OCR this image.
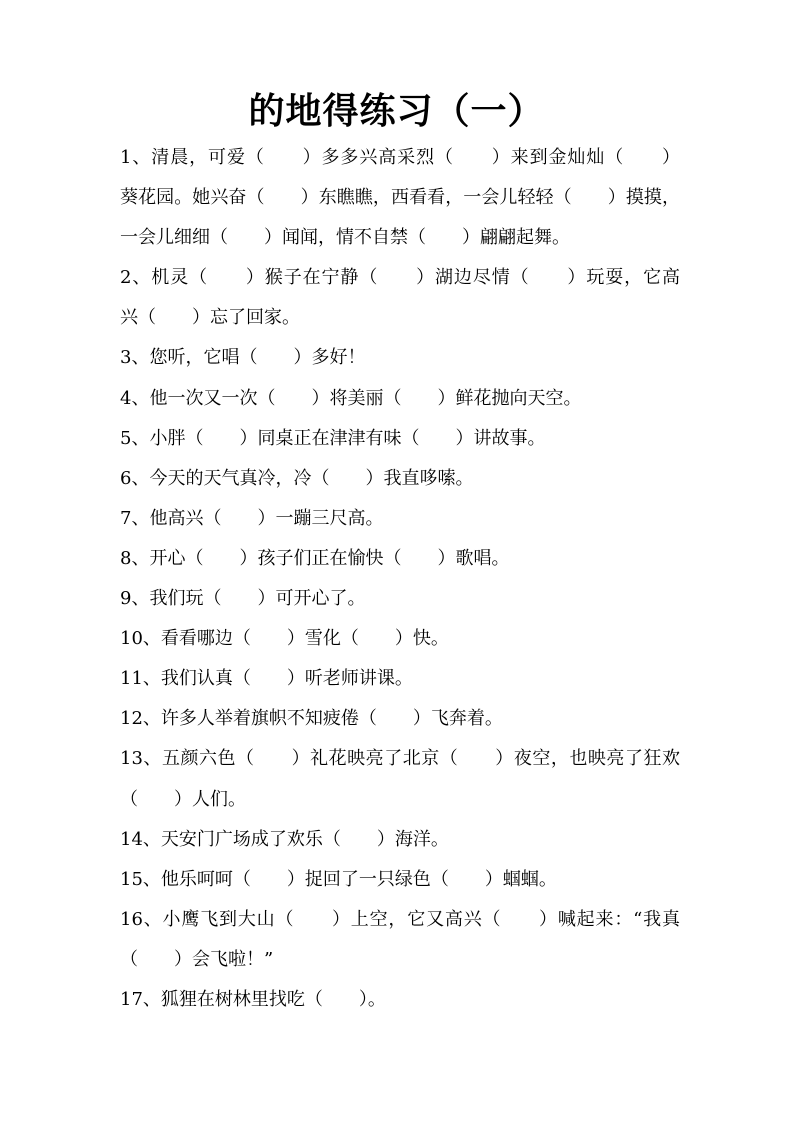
的地得练习（一）
1、清晨，可爱（　　）多多兴高采烈（　　）来到金灿灿（　　）
葵花园。她兴奋（　　）东瞧瞧，西看看，一会儿轻轻（　　）摸摸，
一会儿细细（　　）闻闻，情不自禁（　　）翩翩起舞。
2、机灵（　　）猴子在宁静（　　）湖边尽情（　　）玩耍，它高
兴（　　）忘了回家。
3、您听，它唱（　　）多好！
4、他一次又一次（　　）将美丽（　　）鲜花抛向天空。
5、小胖（　　）同桌正在津津有味（　　）讲故事。
6、今天的天气真冷，冷（　　）我直哆嗦。
7、他高兴（　　）一蹦三尺高。
8、开心（　　）孩子们正在愉快（　　）歌唱。
9、我们玩（　　）可开心了。
10、看看哪边（　　）雪化（　　）快。
11、我们认真（　　）听老师讲课。
12、许多人举着旗帜不知疲倦（　　）飞奔着。
13、五颜六色（　　）礼花映亮了北京（　　）夜空，也映亮了狂欢
（　　）人们。
14、天安门广场成了欢乐（　　）海洋。
15、他乐呵呵（　　）捉回了一只绿色（　　）蝈蝈。
16、小鹰飞到大山（　　）上空，它又高兴（　　）喊起来：“我真
（　　）会飞啦！”
17、狐狸在树林里找吃（　　）。
